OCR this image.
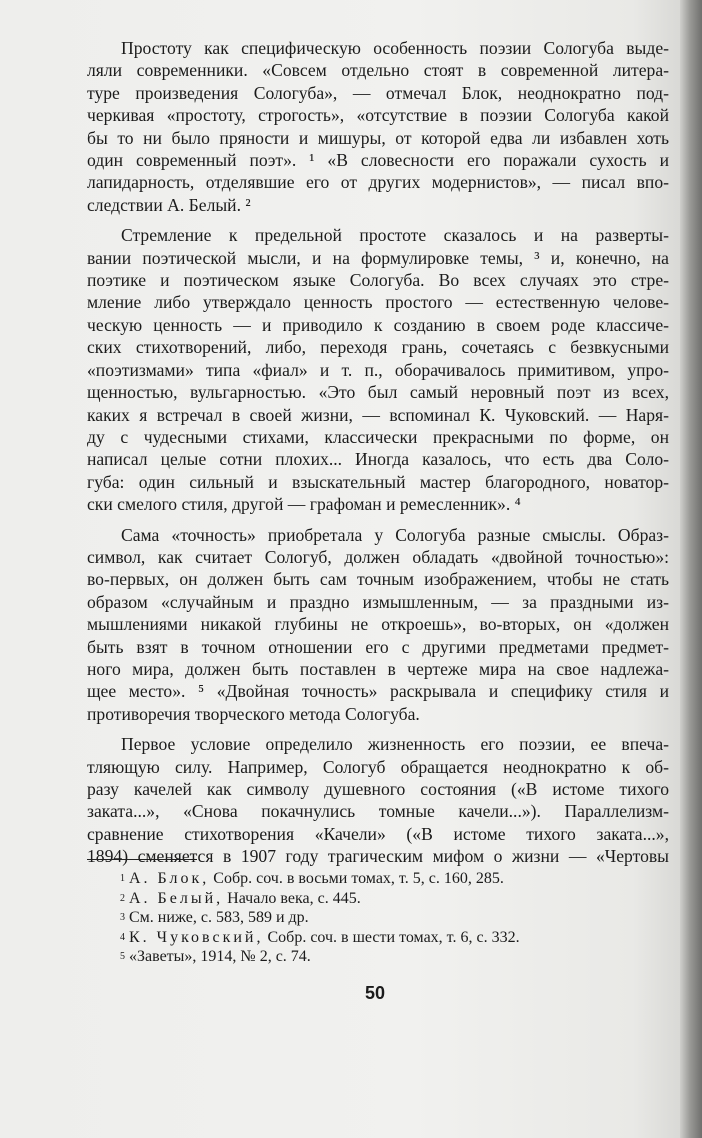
Простоту как специфическую особенность поэзии Сологуба выде-
ляли современники. «Совсем отдельно стоят в современной литера-
туре произведения Сологуба», — отмечал Блок, неоднократно под-
черкивая «простоту, строгость», «отсутствие в поэзии Сологуба какой
бы то ни было пряности и мишуры, от которой едва ли избавлен хоть
один современный поэт». ¹ «В словесности его поражали сухость и
лапидарность, отделявшие его от других модернистов», — писал впо-
следствии А. Белый. ²
Стремление к предельной простоте сказалось и на разверты-
вании поэтической мысли, и на формулировке темы, ³ и, конечно, на
поэтике и поэтическом языке Сологуба. Во всех случаях это стре-
мление либо утверждало ценность простого — естественную челове-
ческую ценность — и приводило к созданию в своем роде классиче-
ских стихотворений, либо, переходя грань, сочетаясь с безвкусными
«поэтизмами» типа «фиал» и т. п., оборачивалось примитивом, упро-
щенностью, вульгарностью. «Это был самый неровный поэт из всех,
каких я встречал в своей жизни, — вспоминал К. Чуковский. — Наря-
ду с чудесными стихами, классически прекрасными по форме, он
написал целые сотни плохих... Иногда казалось, что есть два Соло-
губа: один сильный и взыскательный мастер благородного, новатор-
ски смелого стиля, другой — графоман и ремесленник». ⁴
Сама «точность» приобретала у Сологуба разные смыслы. Образ-
символ, как считает Сологуб, должен обладать «двойной точностью»:
во-первых, он должен быть сам точным изображением, чтобы не стать
образом «случайным и праздно измышленным, — за праздными из-
мышлениями никакой глубины не откроешь», во-вторых, он «должен
быть взят в точном отношении его с другими предметами предмет-
ного мира, должен быть поставлен в чертеже мира на свое надлежа-
щее место». ⁵ «Двойная точность» раскрывала и специфику стиля и
противоречия творческого метода Сологуба.
Первое условие определило жизненность его поэзии, ее впеча-
тляющую силу. Например, Сологуб обращается неоднократно к об-
разу качелей как символу душевного состояния («В истоме тихого
заката...», «Снова покачнулись томные качели...»). Параллелизм-
сравнение стихотворения «Качели» («В истоме тихого заката...»,
1894) сменяется в 1907 году трагическим мифом о жизни — «Чертовы
$^1$ А. Блок, Собр. соч. в восьми томах, т. 5, с. 160, 285.
$^2$ А. Белый, Начало века, с. 445.
$^3$ См. ниже, с. 583, 589 и др.
$^4$ К. Чуковский, Собр. соч. в шести томах, т. 6, с. 332.
$^5$ «Заветы», 1914, № 2, с. 74.
50
